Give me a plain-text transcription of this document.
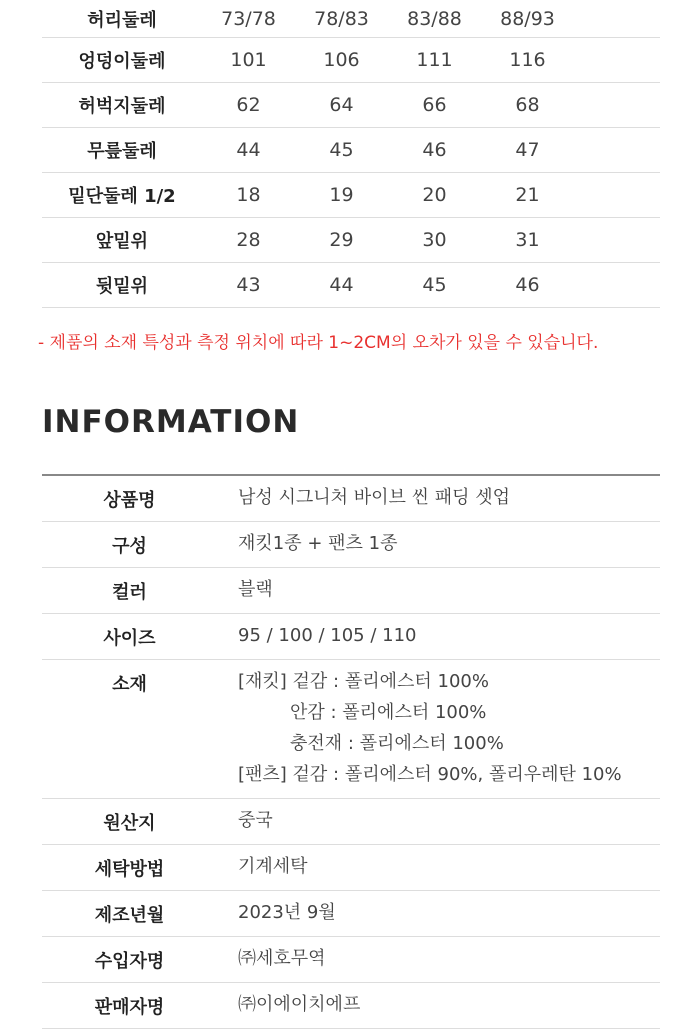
허리둘레	73/78	78/83	83/88	88/93	
엉덩이둘레	101	106	111	116	
허벅지둘레	62	64	66	68	
무릎둘레	44	45	46	47	
밑단둘레 1/2	18	19	20	21	
앞밑위	28	29	30	31	
뒷밑위	43	44	45	46	
- 제품의 소재 특성과 측정 위치에 따라 1~2CM의 오차가 있을 수 있습니다.
INFORMATION
상품명	남성 시그니처 바이브 씬 패딩 셋업
구성	재킷1종 + 팬츠 1종
컬러	블랙
사이즈	95 / 100 / 105 / 110
소재	[재킷] 겉감 : 폴리에스터 100%
안감 : 폴리에스터 100%
충전재 : 폴리에스터 100%
[팬츠] 겉감 : 폴리에스터 90%, 폴리우레탄 10%
원산지	중국
세탁방법	기계세탁
제조년월	2023년 9월
수입자명	㈜세호무역
판매자명	㈜이에이치에프
